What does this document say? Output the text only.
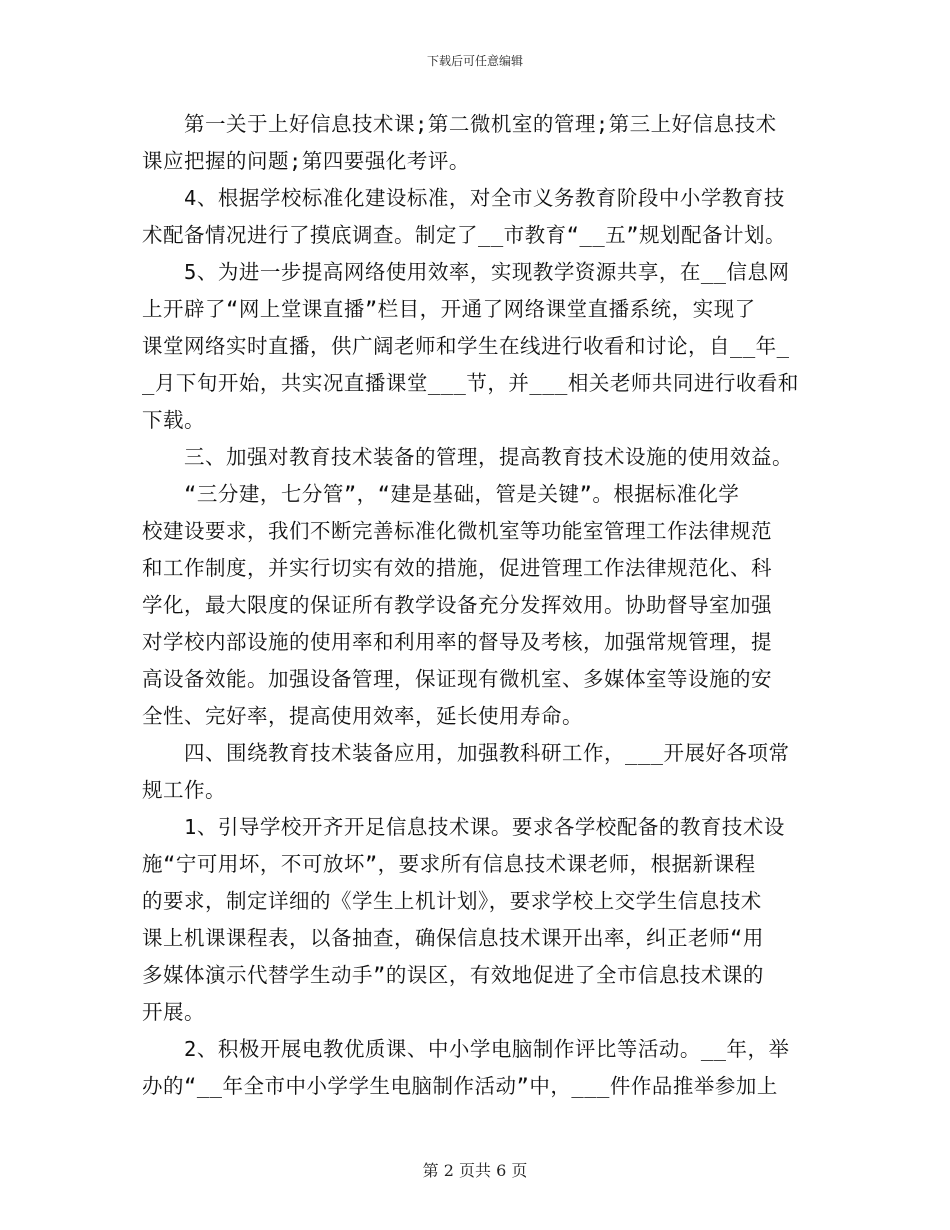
下载后可任意编辑
　　第一关于上好信息技术课;第二微机室的管理;第三上好信息技术
课应把握的问题;第四要强化考评。
　　4、根据学校标准化建设标准，对全市义务教育阶段中小学教育技
术配备情况进行了摸底调查。制定了__市教育“__五”规划配备计划。
　　5、为进一步提高网络使用效率，实现教学资源共享，在__信息网
上开辟了“网上堂课直播”栏目，开通了网络课堂直播系统，实现了
课堂网络实时直播，供广阔老师和学生在线进行收看和讨论，自__年_
_月下旬开始，共实况直播课堂___节，并___相关老师共同进行收看和
下载。
　　三、加强对教育技术装备的管理，提高教育技术设施的使用效益。
　　“三分建，七分管”，“建是基础，管是关键”。根据标准化学
校建设要求，我们不断完善标准化微机室等功能室管理工作法律规范
和工作制度，并实行切实有效的措施，促进管理工作法律规范化、科
学化，最大限度的保证所有教学设备充分发挥效用。协助督导室加强
对学校内部设施的使用率和利用率的督导及考核，加强常规管理，提
高设备效能。加强设备管理，保证现有微机室、多媒体室等设施的安
全性、完好率，提高使用效率，延长使用寿命。
　　四、围绕教育技术装备应用，加强教科研工作，___开展好各项常
规工作。
　　1、引导学校开齐开足信息技术课。要求各学校配备的教育技术设
施“宁可用坏，不可放坏”，要求所有信息技术课老师，根据新课程
的要求，制定详细的《学生上机计划》，要求学校上交学生信息技术
课上机课课程表，以备抽查，确保信息技术课开出率，纠正老师“用
多媒体演示代替学生动手”的误区，有效地促进了全市信息技术课的
开展。
　　2、积极开展电教优质课、中小学电脑制作评比等活动。__年，举
办的“__年全市中小学学生电脑制作活动”中，___件作品推举参加上
第 2 页共 6 页
